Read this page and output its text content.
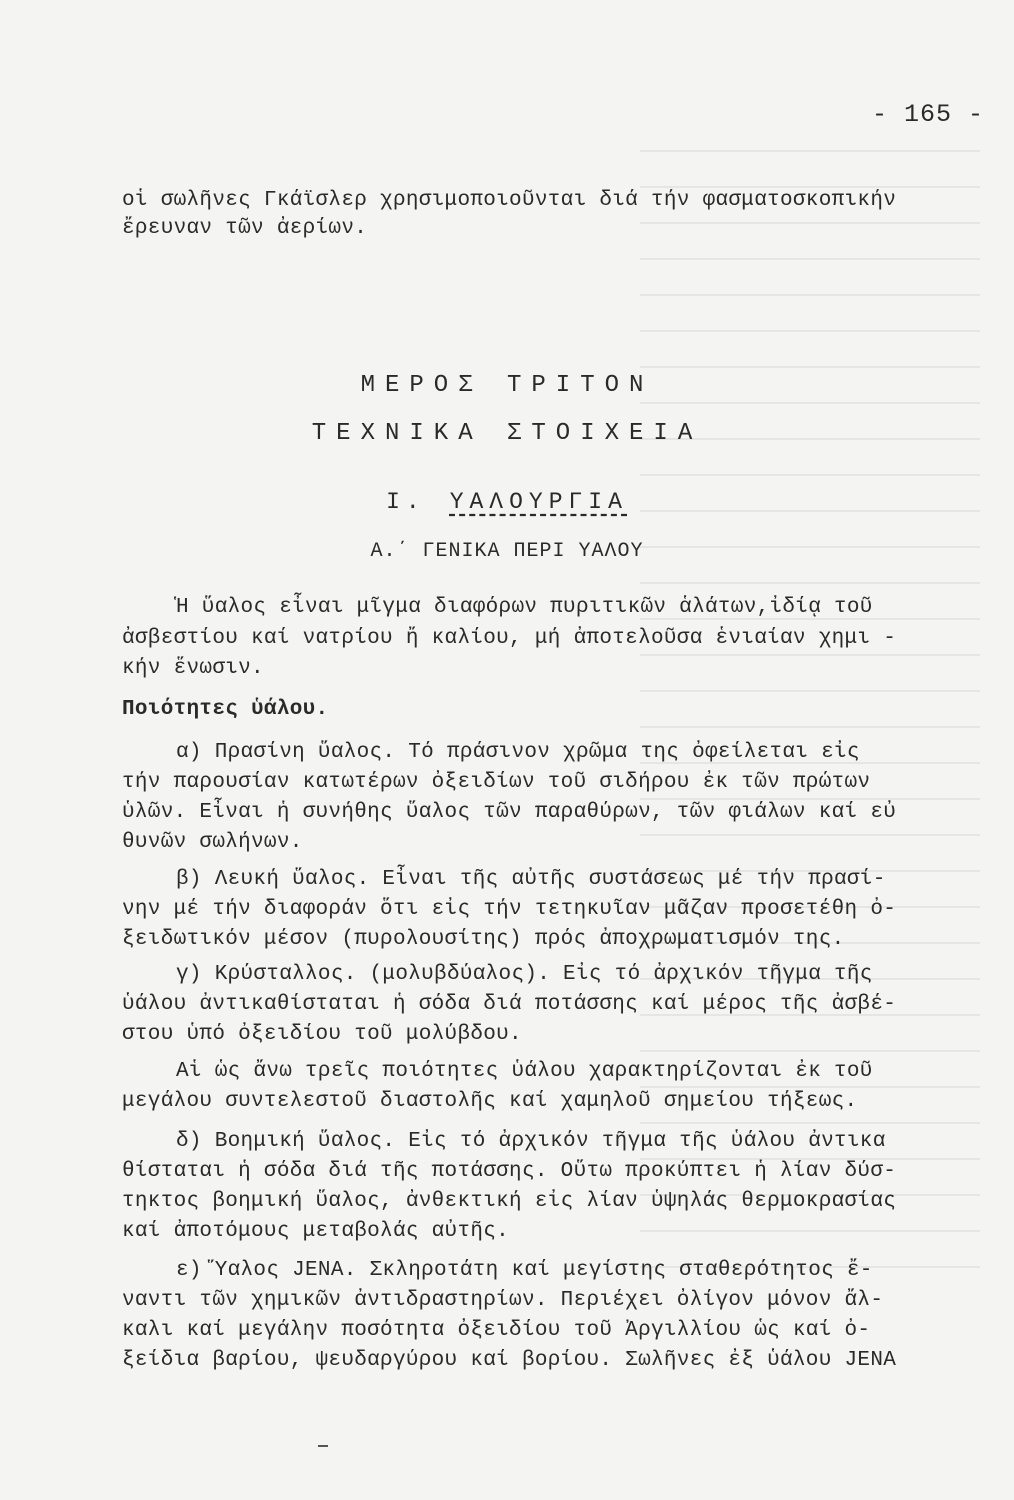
- 165 -
οἱ σωλῆνες Γκάϊσλερ χρησιμοποιοῦνται διά τήν φασματοσκοπικήν
ἔρευναν τῶν ἀερίων.
ΜΕΡΟΣ ΤΡΙΤΟΝ
ΤΕΧΝΙΚΑ ΣΤΟΙΧΕΙΑ
Ι. ΥΑΛΟΥΡΓΙΑ
Α.΄ ΓΕΝΙΚΑ ΠΕΡΙ ΥΑΛΟΥ
Ἡ ὕαλος εἶναι μῖγμα διαφόρων πυριτικῶν ἁλάτων,ἰδίᾳ τοῦ
ἀσβεστίου καί νατρίου ἤ καλίου, μή ἀποτελοῦσα ἑνιαίαν χημι -
κήν ἕνωσιν.
Ποιότητες ὑάλου.
α) Πρασίνη ὕαλος. Τό πράσινον χρῶμα της ὀφείλεται εἰς
τήν παρουσίαν κατωτέρων ὀξειδίων τοῦ σιδήρου ἐκ τῶν πρώτων
ὑλῶν. Εἶναι ἡ συνήθης ὕαλος τῶν παραθύρων, τῶν φιάλων καί εὐ
θυνῶν σωλήνων.
β) Λευκή ὕαλος. Εἶναι τῆς αὐτῆς συστάσεως μέ τήν πρασί-
νην μέ τήν διαφοράν ὅτι εἰς τήν τετηκυῖαν μᾶζαν προσετέθη ὀ-
ξειδωτικόν μέσον (πυρολουσίτης) πρός ἀποχρωματισμόν της.
γ) Κρύσταλλος. (μολυβδύαλος). Εἰς τό ἀρχικόν τῆγμα τῆς
ὑάλου ἀντικαθίσταται ἡ σόδα διά ποτάσσης καί μέρος τῆς ἀσβέ-
στου ὑπό ὀξειδίου τοῦ μολύβδου.
Αἱ ὡς ἄνω τρεῖς ποιότητες ὑάλου χαρακτηρίζονται ἐκ τοῦ
μεγάλου συντελεστοῦ διαστολῆς καί χαμηλοῦ σημείου τήξεως.
δ) Βοημική ὕαλος. Εἰς τό ἀρχικόν τῆγμα τῆς ὑάλου ἀντικα
θίσταται ἡ σόδα διά τῆς ποτάσσης. Οὕτω προκύπτει ἡ λίαν δύσ-
τηκτος βοημική ὕαλος, ἀνθεκτική εἰς λίαν ὑψηλάς θερμοκρασίας
καί ἀποτόμους μεταβολάς αὐτῆς.
ε) Ὕαλος JENA. Σκληροτάτη καί μεγίστης σταθερότητος ἔ-
ναντι τῶν χημικῶν ἀντιδραστηρίων. Περιέχει ὀλίγον μόνον ἄλ-
καλι καί μεγάλην ποσότητα ὀξειδίου τοῦ Ἀργιλλίου ὡς καί ὀ-
ξείδια βαρίου, ψευδαργύρου καί βορίου. Σωλῆνες ἐξ ὑάλου JENA
